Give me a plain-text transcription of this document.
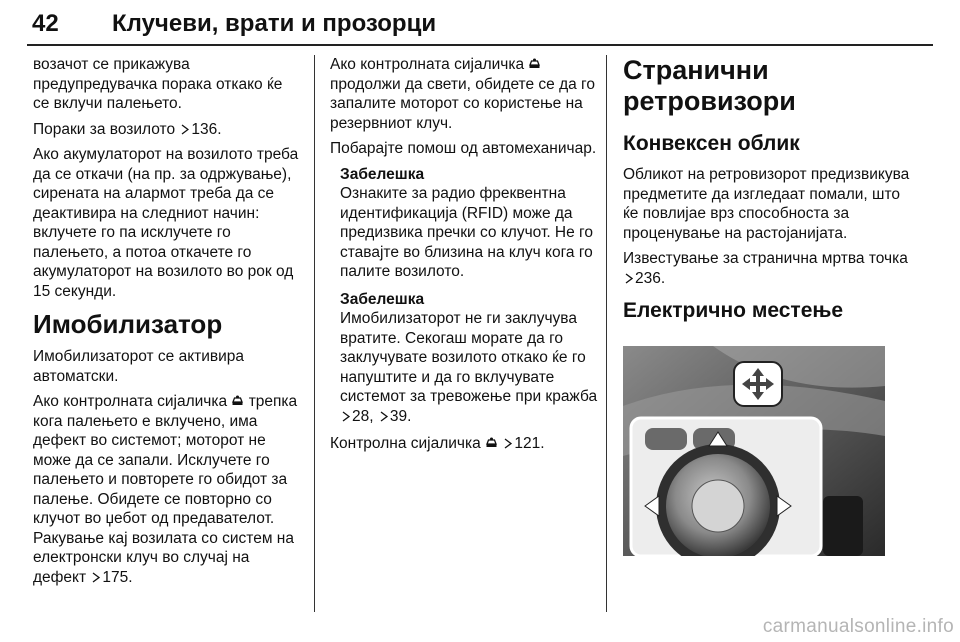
42 Клучеви, врати и прозорци

возачот се прикажува предупредувачка порака откако ќе се вклучи палењето.

Пораки за возилото 136.

Ако акумулаторот на возилото треба да се откачи (на пр. за одржување), сирената на алармот треба да се деактивира на следниот начин: вклучете го па исклучете го палењето, а потоа откачете го акумулаторот на возилото во рок од 15 секунди.

Имобилизатор

Имобилизаторот се активира автоматски.

Ако контролната сијаличка  трепка кога палењето е вклучено, има дефект во системот; моторот не може да се запали. Исклучете го палењето и повторете го обидот за палење. Обидете се повторно со клучот во џебот од предавателот. Ракување кај возилата со систем на електронски клуч во случај на дефект 175.

Ако контролната сијаличка  продолжи да свети, обидете се да го запалите моторот со користење на резервниот клуч.

Побарајте помош од автомеханичар.

Забелешка
Ознаките за радио фреквентна идентификација (RFID) може да предизвика пречки со клучот. Не го ставајте во близина на клуч кога го палите возилото.
Забелешка
Имобилизаторот не ги заклучува вратите. Секогаш морате да го заклучувате возилото откако ќе го напуштите и да го вклучувате системот за тревожење при кражба 28, 39.

Контролна сијаличка  121.

Странични ретровизори
Конвексен облик

Обликот на ретровизорот предизвикува предметите да изгледаат помали, што ќе повлијае врз способноста за проценување на растојанијата.

Известување за странична мртва точка 236.

Електрично местење
carmanualsonline.info
